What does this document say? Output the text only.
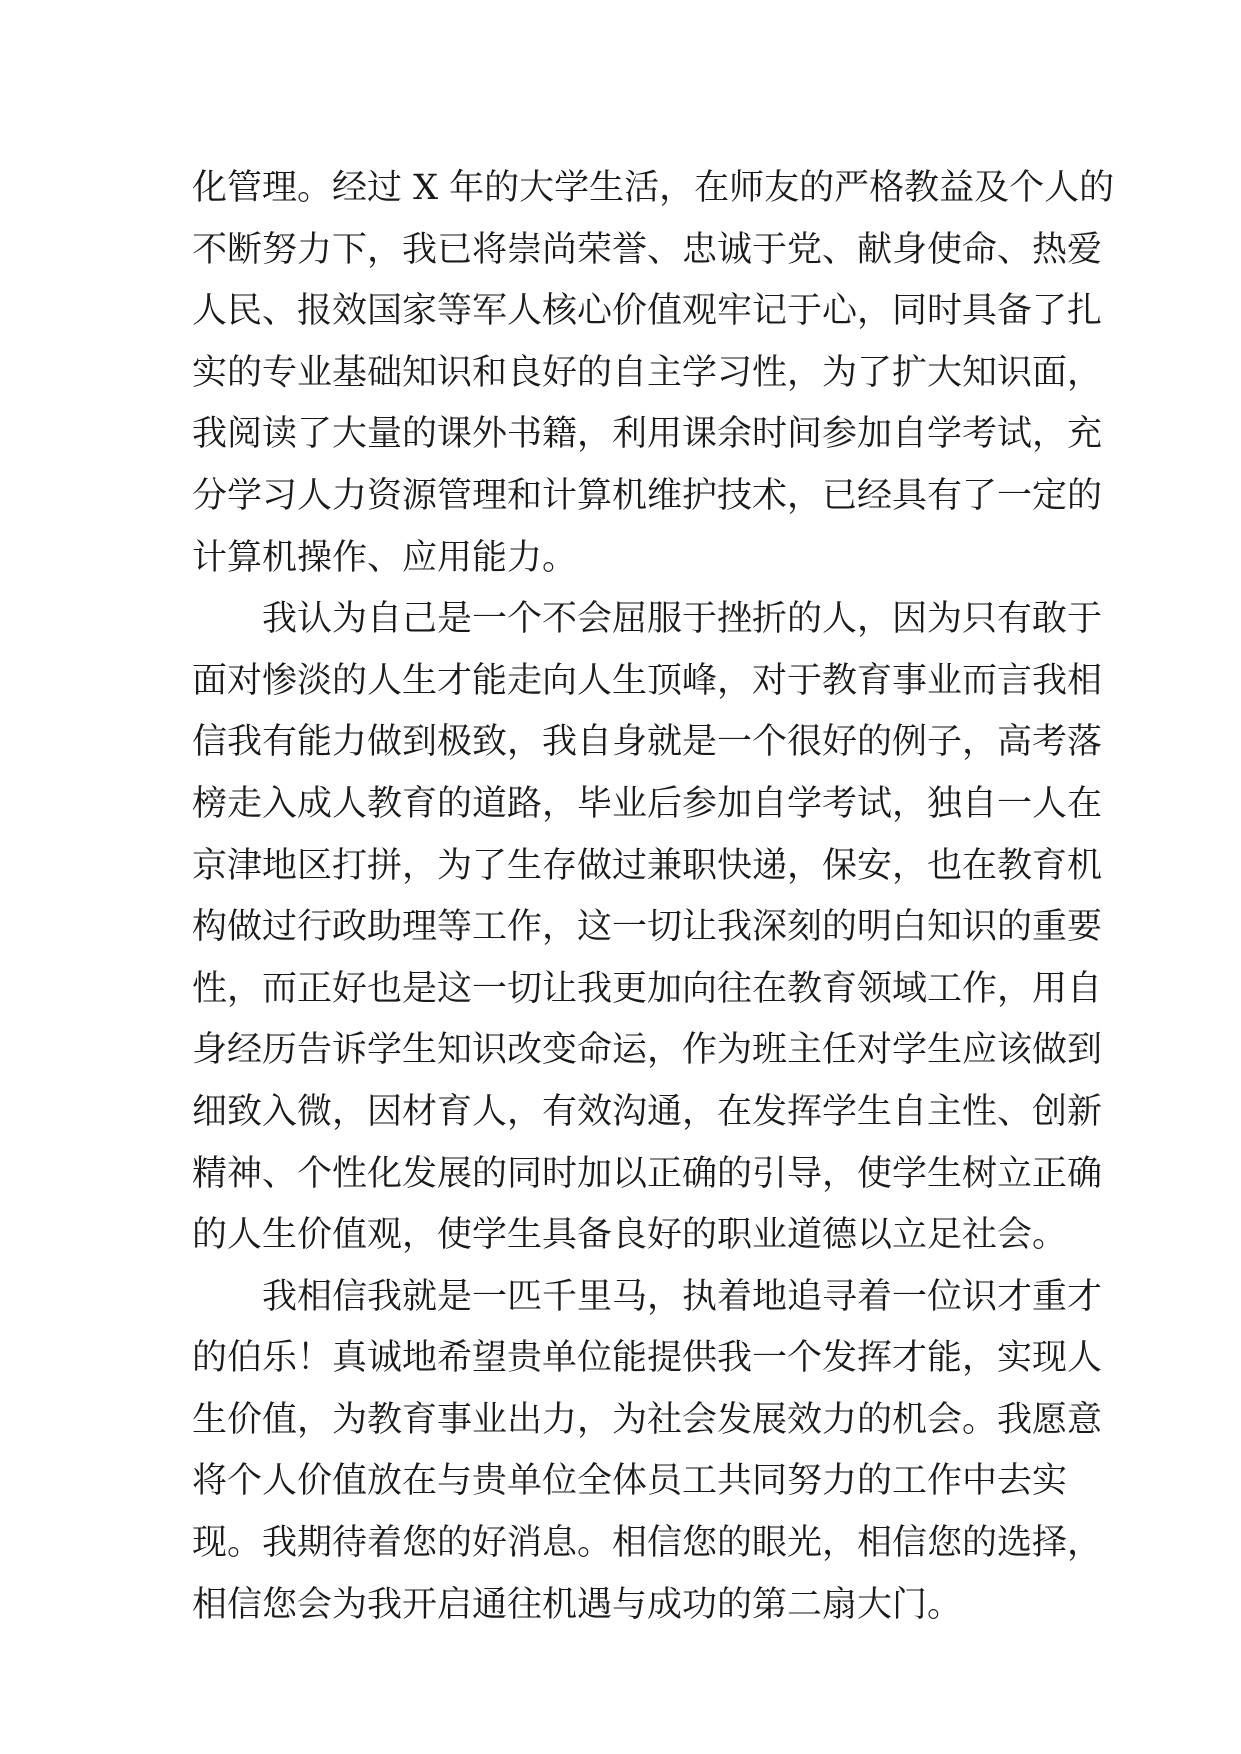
化管理。经过 X 年的大学生活，在师友的严格教益及个人的
不断努力下，我已将崇尚荣誉、忠诚于党、献身使命、热爱
人民、报效国家等军人核心价值观牢记于心，同时具备了扎
实的专业基础知识和良好的自主学习性，为了扩大知识面，
我阅读了大量的课外书籍，利用课余时间参加自学考试，充
分学习人力资源管理和计算机维护技术，已经具有了一定的
计算机操作、应用能力。
我认为自己是一个不会屈服于挫折的人，因为只有敢于
面对惨淡的人生才能走向人生顶峰，对于教育事业而言我相
信我有能力做到极致，我自身就是一个很好的例子，高考落
榜走入成人教育的道路，毕业后参加自学考试，独自一人在
京津地区打拼，为了生存做过兼职快递，保安，也在教育机
构做过行政助理等工作，这一切让我深刻的明白知识的重要
性，而正好也是这一切让我更加向往在教育领域工作，用自
身经历告诉学生知识改变命运，作为班主任对学生应该做到
细致入微，因材育人，有效沟通，在发挥学生自主性、创新
精神、个性化发展的同时加以正确的引导，使学生树立正确
的人生价值观，使学生具备良好的职业道德以立足社会。
我相信我就是一匹千里马，执着地追寻着一位识才重才
的伯乐！真诚地希望贵单位能提供我一个发挥才能，实现人
生价值，为教育事业出力，为社会发展效力的机会。我愿意
将个人价值放在与贵单位全体员工共同努力的工作中去实
现。我期待着您的好消息。相信您的眼光，相信您的选择，
相信您会为我开启通往机遇与成功的第二扇大门。
